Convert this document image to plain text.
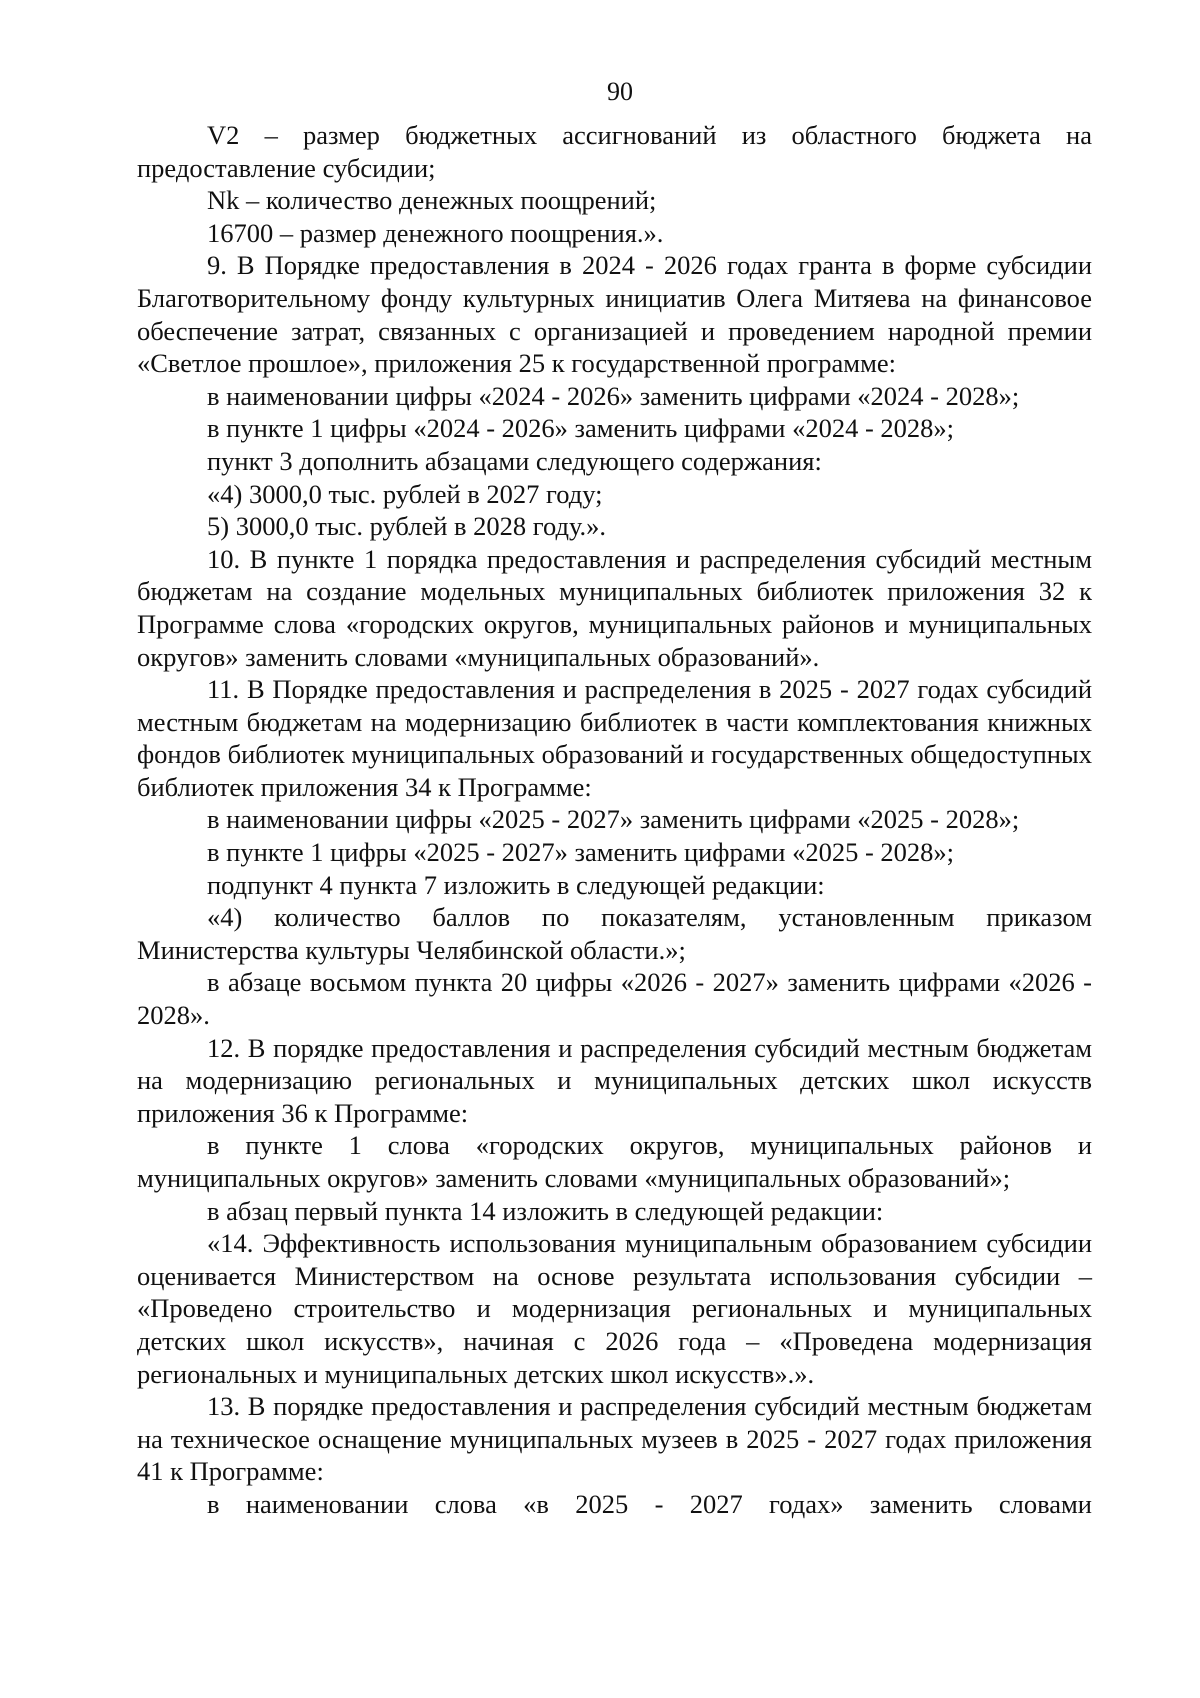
90

V2 – размер бюджетных ассигнований из областного бюджета на предоставление субсидии;

Nk – количество денежных поощрений;

16700 – размер денежного поощрения.».

9. В Порядке предоставления в 2024 - 2026 годах гранта в форме субсидии Благотворительному фонду культурных инициатив Олега Митяева на финансовое обеспечение затрат, связанных с организацией и проведением народной премии «Светлое прошлое», приложения 25 к государственной программе:

в наименовании цифры «2024 - 2026» заменить цифрами «2024 - 2028»;

в пункте 1 цифры «2024 - 2026» заменить цифрами «2024 - 2028»;

пункт 3 дополнить абзацами следующего содержания:

«4) 3000,0 тыс. рублей в 2027 году;

5) 3000,0 тыс. рублей в 2028 году.».

10. В пункте 1 порядка предоставления и распределения субсидий местным бюджетам на создание модельных муниципальных библиотек приложения 32 к Программе слова «городских округов, муниципальных районов и муниципальных округов» заменить словами «муниципальных образований».

11. В Порядке предоставления и распределения в 2025 - 2027 годах субсидий местным бюджетам на модернизацию библиотек в части комплектования книжных фондов библиотек муниципальных образований и государственных общедоступных библиотек приложения 34 к Программе:

в наименовании цифры «2025 - 2027» заменить цифрами «2025 - 2028»;

в пункте 1 цифры «2025 - 2027» заменить цифрами «2025 - 2028»;

подпункт 4 пункта 7 изложить в следующей редакции:

«4) количество баллов по показателям, установленным приказом Министерства культуры Челябинской области.»;

в абзаце восьмом пункта 20 цифры «2026 - 2027» заменить цифрами «2026 - 2028».

12. В порядке предоставления и распределения субсидий местным бюджетам на модернизацию региональных и муниципальных детских школ искусств приложения 36 к Программе:

в пункте 1 слова «городских округов, муниципальных районов и муниципальных округов» заменить словами «муниципальных образований»;

в абзац первый пункта 14 изложить в следующей редакции:

«14. Эффективность использования муниципальным образованием субсидии оценивается Министерством на основе результата использования субсидии – «Проведено строительство и модернизация региональных и муниципальных детских школ искусств», начиная с 2026 года – «Проведена модернизация региональных и муниципальных детских школ искусств».».

13. В порядке предоставления и распределения субсидий местным бюджетам на техническое оснащение муниципальных музеев в 2025 - 2027 годах приложения 41 к Программе:

в наименовании слова «в 2025 - 2027 годах» заменить словами
